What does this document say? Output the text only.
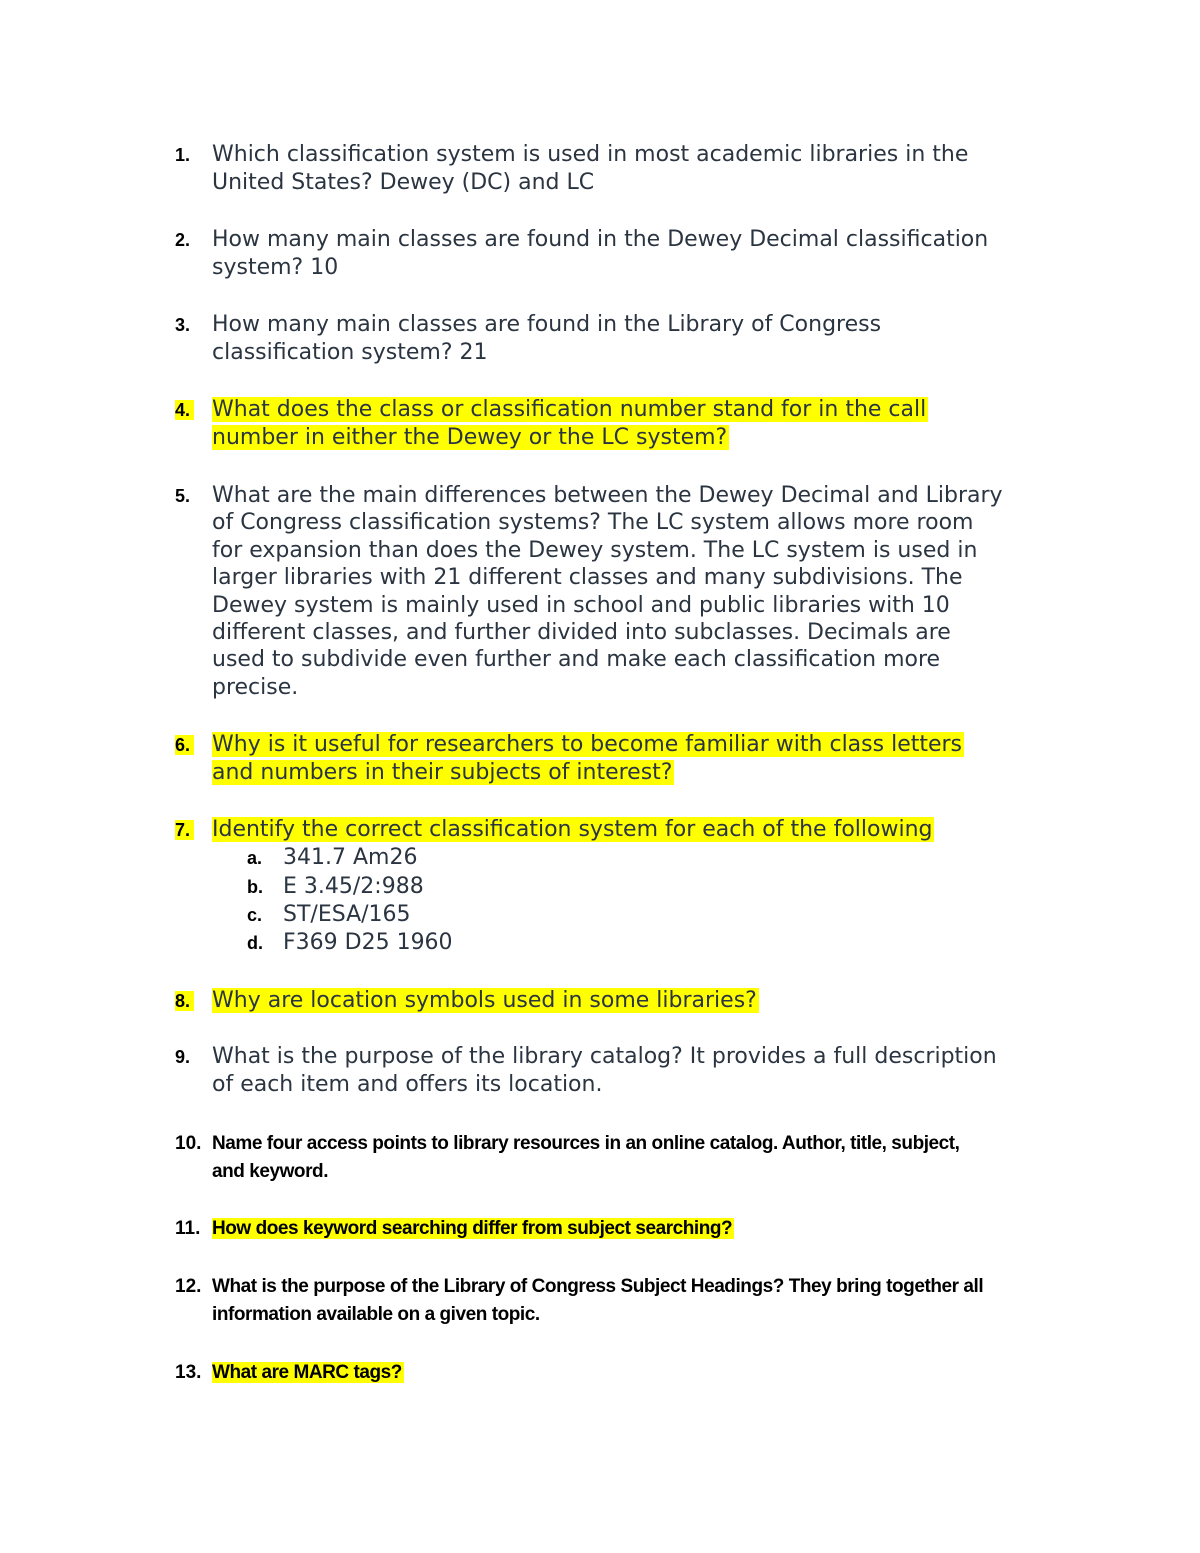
1. Which classification system is used in most academic libraries in the
United States? Dewey (DC) and LC
2. How many main classes are found in the Dewey Decimal classification
system? 10
3. How many main classes are found in the Library of Congress
classification system? 21
4. What does the class or classification number stand for in the call
number in either the Dewey or the LC system?
5. What are the main differences between the Dewey Decimal and Library
of Congress classification systems? The LC system allows more room
for expansion than does the Dewey system. The LC system is used in
larger libraries with 21 different classes and many subdivisions. The
Dewey system is mainly used in school and public libraries with 10
different classes, and further divided into subclasses. Decimals are
used to subdivide even further and make each classification more
precise.
6. Why is it useful for researchers to become familiar with class letters
and numbers in their subjects of interest?
7. Identify the correct classification system for each of the following
a. 341.7 Am26
b. E 3.45/2:988
c. ST/ESA/165
d. F369 D25 1960
8. Why are location symbols used in some libraries?
9. What is the purpose of the library catalog? It provides a full description
of each item and offers its location.
10. Name four access points to library resources in an online catalog. Author, title, subject,
and keyword.
11. How does keyword searching differ from subject searching?
12. What is the purpose of the Library of Congress Subject Headings? They bring together all
information available on a given topic.
13. What are MARC tags?
